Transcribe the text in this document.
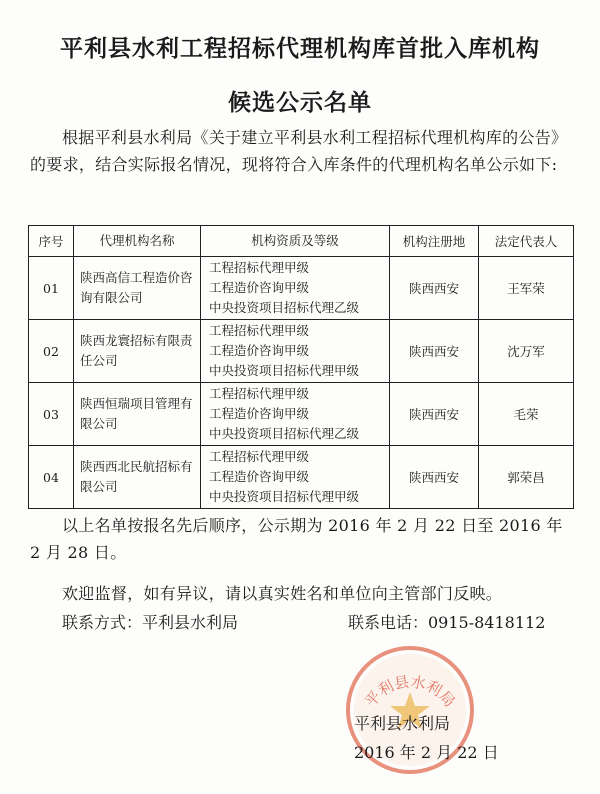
平利县水利工程招标代理机构库首批入库机构
候选公示名单
根据平利县水利局《关于建立平利县水利工程招标代理机构库的公告》的要求，结合实际报名情况，现将符合入库条件的代理机构名单公示如下:
序号	代理机构名称	机构资质及等级	机构注册地	法定代表人
01	陕西高信工程造价咨询有限公司	工程招标代理甲级
工程造价咨询甲级
中央投资项目招标代理乙级	陕西西安	王军荣
02	陕西龙寰招标有限责任公司	工程招标代理甲级
工程造价咨询甲级
中央投资项目招标代理甲级	陕西西安	沈万军
03	陕西恒瑞项目管理有限公司	工程招标代理甲级
工程造价咨询甲级
中央投资项目招标代理乙级	陕西西安	毛荣
04	陕西西北民航招标有限公司	工程招标代理甲级
工程造价咨询甲级
中央投资项目招标代理甲级	陕西西安	郭荣昌
以上名单按报名先后顺序，公示期为 2016 年 2 月 22 日至 2016 年 2 月 28 日。
欢迎监督，如有异议，请以真实姓名和单位向主管部门反映。
联系方式：平利县水利局	联系电话：0915-8418112
平利县水利局
平利县水利局
2016 年 2 月 22 日
